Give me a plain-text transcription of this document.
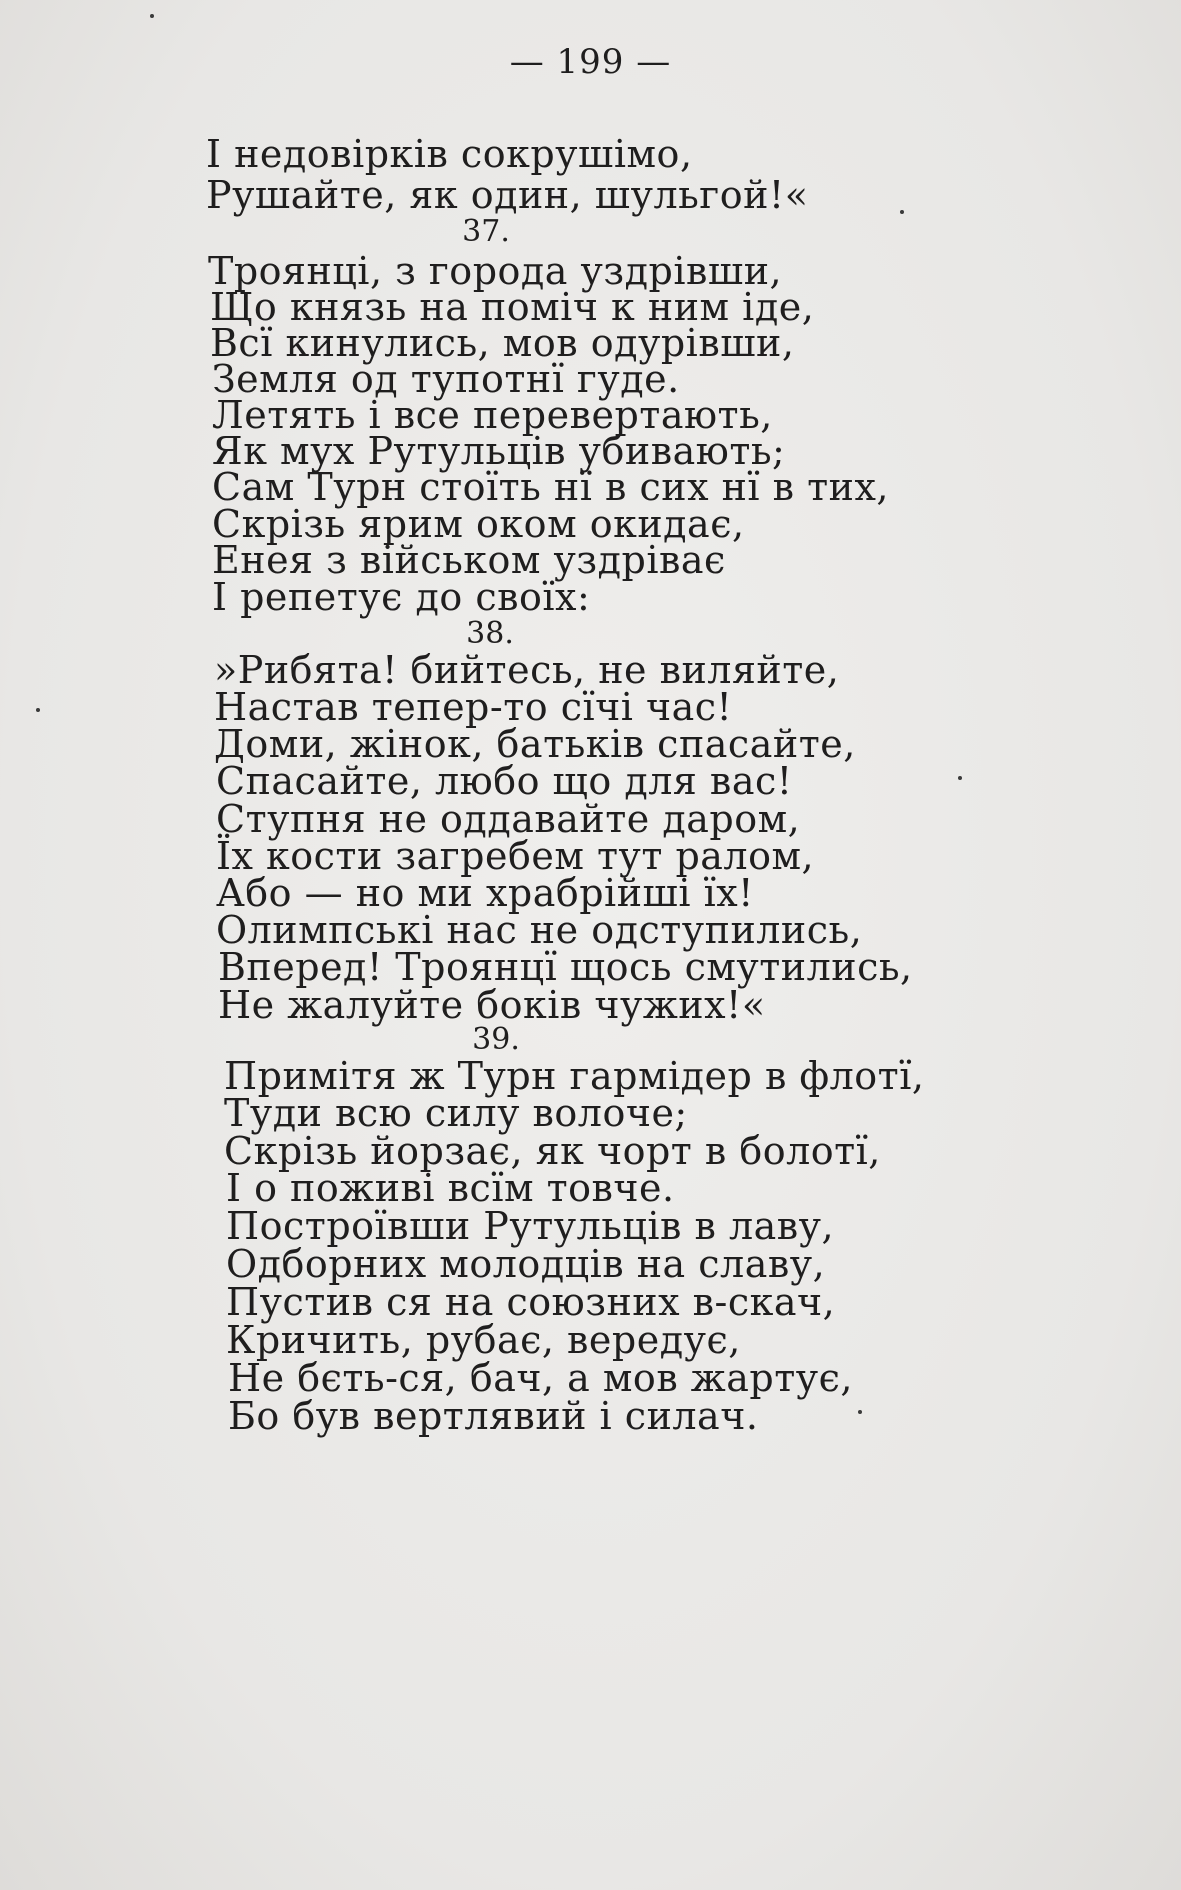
— 199 —
І недовірків сокрушімо,
Рушайте, як один, шульгой!«
37.
Троянці, з города уздрівши,
Що князь на поміч к ним іде,
Всї кинулись, мов одурівши,
Земля од тупотнї гуде.
Летять і все перевертають,
Як мух Рутульців убивають;
Сам Турн стоїть нї в сих нї в тих,
Скрізь ярим оком окидає,
Енея з військом уздріває
І репетує до своїх:
38.
»Рибята! бийтесь, не виляйте,
Настав тепер-то сїчі час!
Доми, жінок, батьків спасайте,
Спасайте, любо що для вас!
Ступня не оддавайте даром,
Їх кости загребем тут ралом,
Або — но ми храбрійші їх!
Олимпські нас не одступились,
Вперед! Троянцї щось смутились,
Не жалуйте боків чужих!«
39.
Примітя ж Турн гармідер в флотї,
Туди всю силу волоче;
Скрізь йорзає, як чорт в болотї,
І о поживі всїм товче.
Построївши Рутульців в лаву,
Одборних молодців на славу,
Пустив ся на союзних в-скач,
Кричить, рубає, вередує,
Не бєть-ся, бач, а мов жартує,
Бо був вертлявий і силач.
